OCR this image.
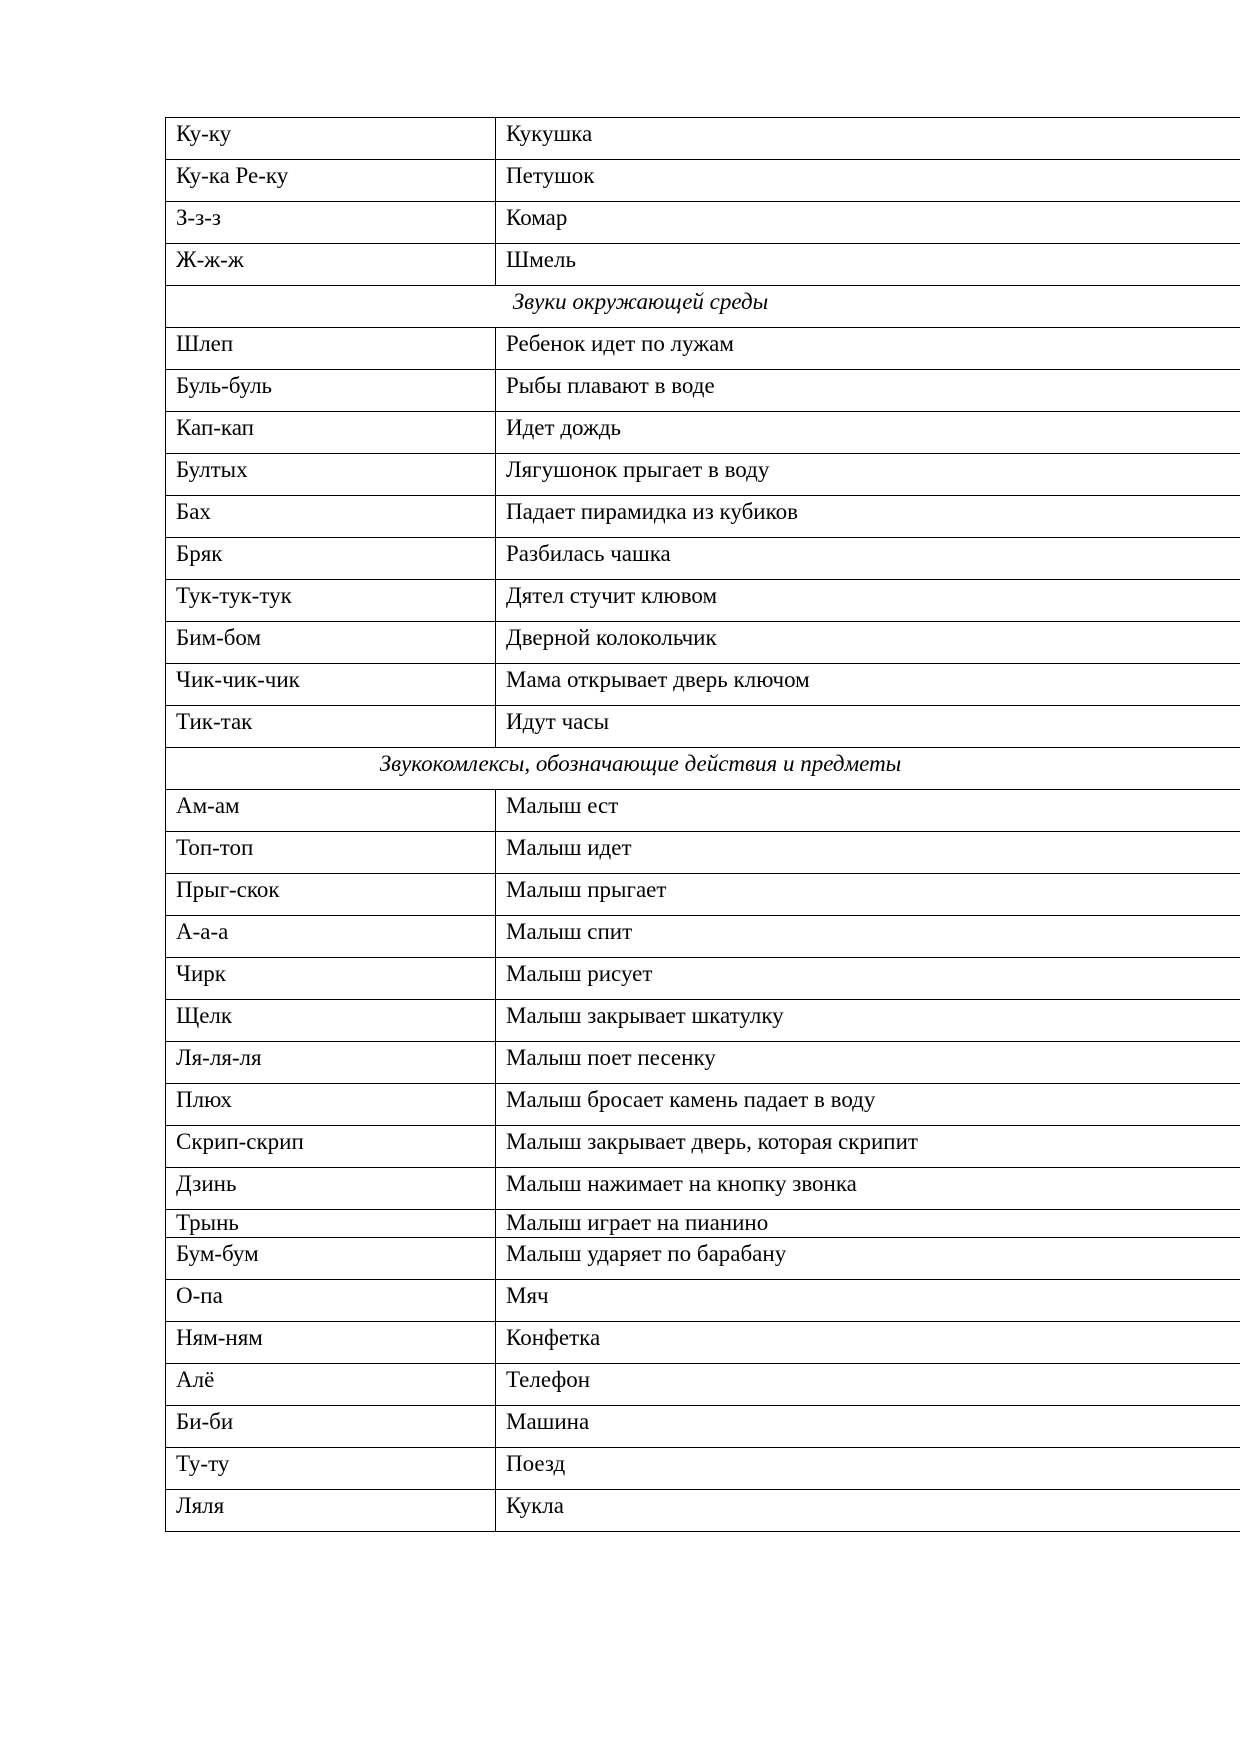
Ку-ку	Кукушка
Ку-ка Ре-ку	Петушок
З-з-з	Комар
Ж-ж-ж	Шмель
Звуки окружающей среды	
Шлеп	Ребенок идет по лужам
Буль-буль	Рыбы плавают в воде
Кап-кап	Идет дождь
Бултых	Лягушонок прыгает в воду
Бах	Падает пирамидка из кубиков
Бряк	Разбилась чашка
Тук-тук-тук	Дятел стучит клювом
Бим-бом	Дверной колокольчик
Чик-чик-чик	Мама открывает дверь ключом
Тик-так	Идут часы
Звукокомлексы, обозначающие действия и предметы	
Ам-ам	Малыш ест
Топ-топ	Малыш идет
Прыг-скок	Малыш прыгает
А-а-а	Малыш спит
Чирк	Малыш рисует
Щелк	Малыш закрывает шкатулку
Ля-ля-ля	Малыш поет песенку
Плюх	Малыш бросает камень падает в воду
Скрип-скрип	Малыш закрывает дверь, которая скрипит
Дзинь	Малыш нажимает на кнопку звонка
Трынь	Малыш играет на пианино
Бум-бум	Малыш ударяет по барабану
О-па	Мяч
Ням-ням	Конфетка
Алё	Телефон
Би-би	Машина
Ту-ту	Поезд
Ляля	Кукла
